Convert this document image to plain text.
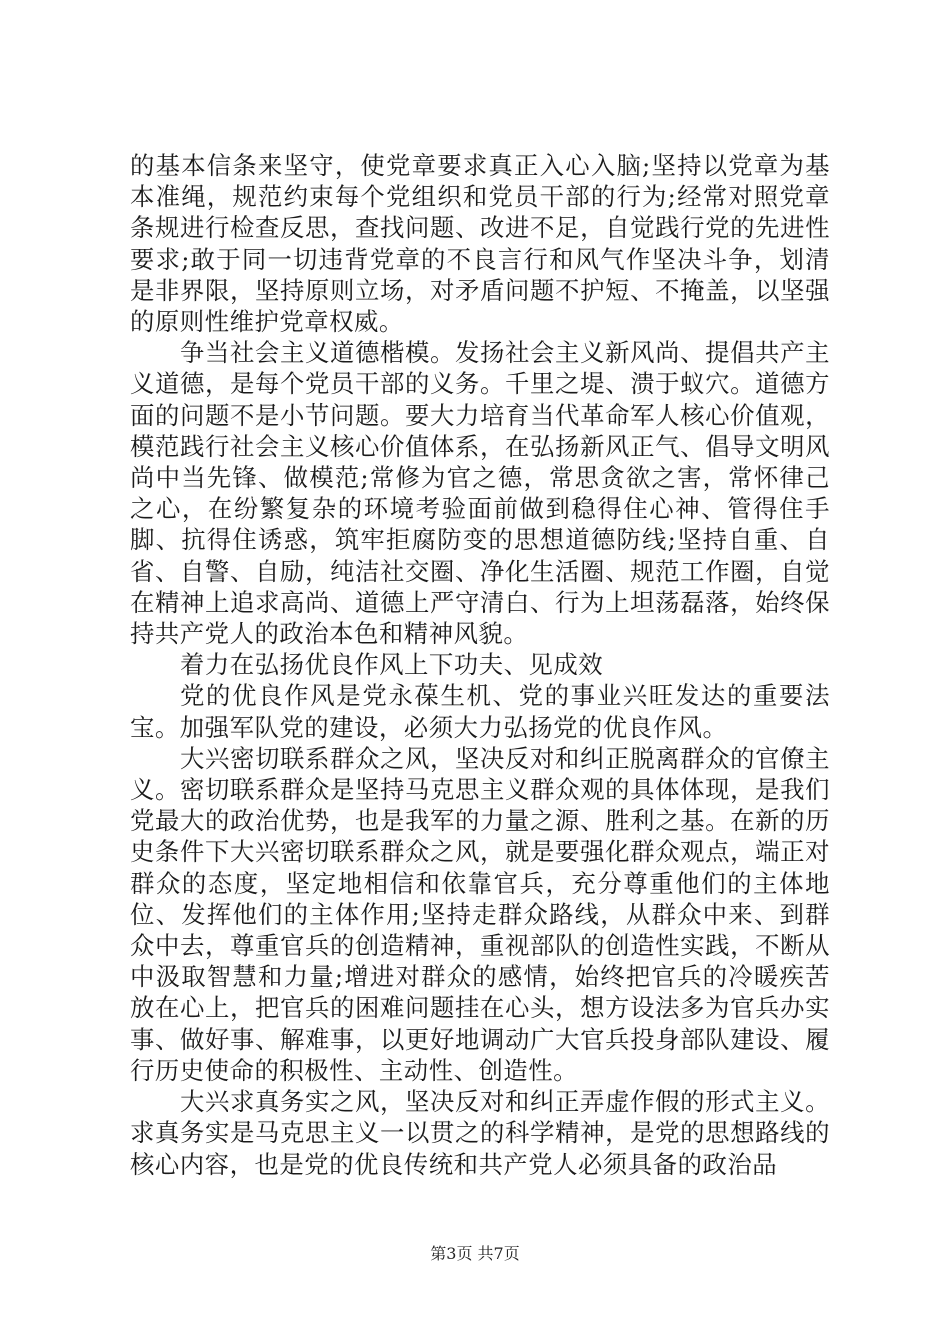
的基本信条来坚守，使党章要求真正入心入脑;坚持以党章为基本准绳，规范约束每个党组织和党员干部的行为;经常对照党章条规进行检查反思，查找问题、改进不足，自觉践行党的先进性要求;敢于同一切违背党章的不良言行和风气作坚决斗争，划清是非界限，坚持原则立场，对矛盾问题不护短、不掩盖，以坚强的原则性维护党章权威。

争当社会主义道德楷模。发扬社会主义新风尚、提倡共产主义道德，是每个党员干部的义务。千里之堤、溃于蚁穴。道德方面的问题不是小节问题。要大力培育当代革命军人核心价值观，模范践行社会主义核心价值体系，在弘扬新风正气、倡导文明风尚中当先锋、做模范;常修为官之德，常思贪欲之害，常怀律己之心，在纷繁复杂的环境考验面前做到稳得住心神、管得住手脚、抗得住诱惑，筑牢拒腐防变的思想道德防线;坚持自重、自省、自警、自励，纯洁社交圈、净化生活圈、规范工作圈，自觉在精神上追求高尚、道德上严守清白、行为上坦荡磊落，始终保持共产党人的政治本色和精神风貌。

着力在弘扬优良作风上下功夫、见成效

党的优良作风是党永葆生机、党的事业兴旺发达的重要法宝。加强军队党的建设，必须大力弘扬党的优良作风。

大兴密切联系群众之风，坚决反对和纠正脱离群众的官僚主义。密切联系群众是坚持马克思主义群众观的具体体现，是我们党最大的政治优势，也是我军的力量之源、胜利之基。在新的历史条件下大兴密切联系群众之风，就是要强化群众观点，端正对群众的态度，坚定地相信和依靠官兵，充分尊重他们的主体地位、发挥他们的主体作用;坚持走群众路线，从群众中来、到群众中去，尊重官兵的创造精神，重视部队的创造性实践，不断从中汲取智慧和力量;增进对群众的感情，始终把官兵的冷暖疾苦放在心上，把官兵的困难问题挂在心头，想方设法多为官兵办实事、做好事、解难事，以更好地调动广大官兵投身部队建设、履行历史使命的积极性、主动性、创造性。

大兴求真务实之风，坚决反对和纠正弄虚作假的形式主义。求真务实是马克思主义一以贯之的科学精神，是党的思想路线的核心内容，也是党的优良传统和共产党人必须具备的政治品

第3页 共7页
